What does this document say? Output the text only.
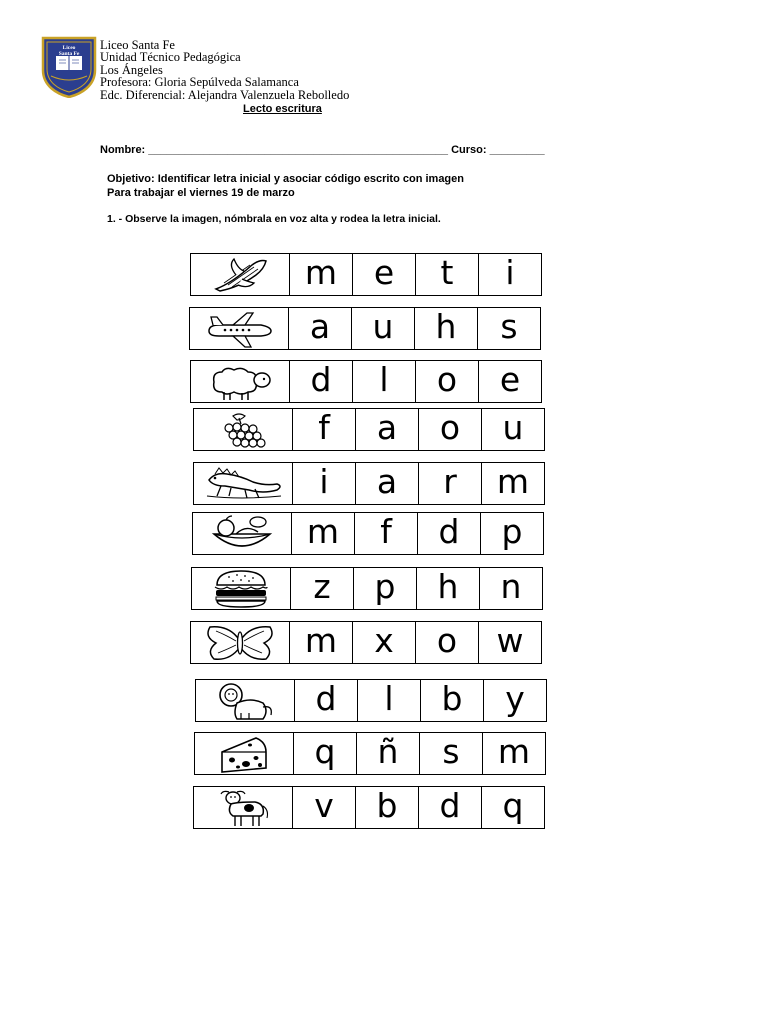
Liceo
Santa Fe
Liceo Santa Fe
Unidad Técnico Pedagógica
Los Ángeles
Profesora: Gloria Sepúlveda Salamanca
Edc. Diferencial: Alejandra Valenzuela Rebolledo
Lecto escritura
Nombre: _________________________________________________ Curso: _________
Objetivo: Identificar letra inicial y asociar código escrito con imagen
Para trabajar el viernes 19 de marzo
1. - Observe la imagen, nómbrala en voz alta y rodea la letra inicial.
m e t i
a u h s
d l o e
f a o u
i a r m
m f d p
z p h n
m x o w
d l b y
q ñ s m
v b d q
